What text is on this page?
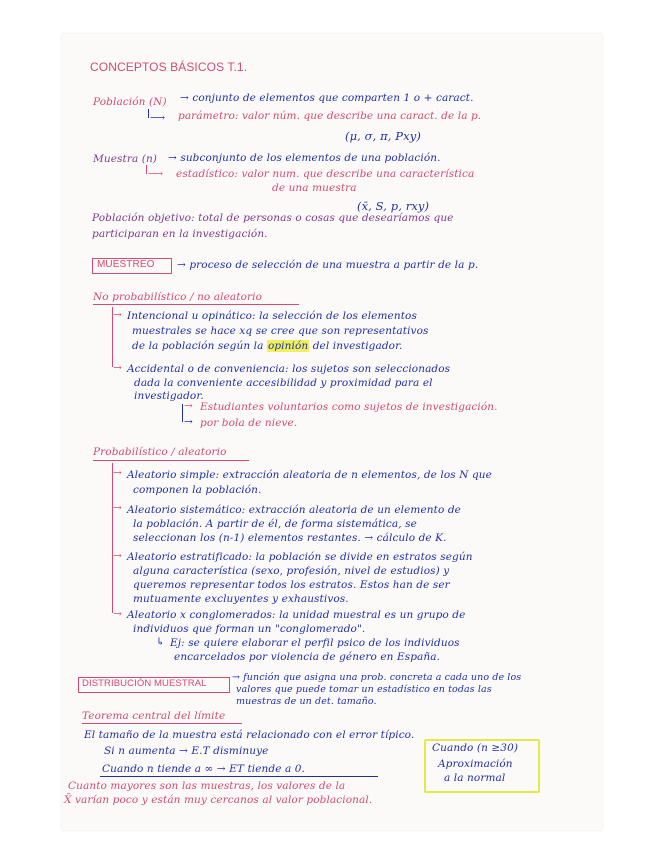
CONCEPTOS BÁSICOS T.1.
Población (N) → conjunto de elementos que comparten 1 o + caract.
⟶ parámetro: valor núm. que describe una caract. de la p.
(μ, σ, π, Pxy)
Muestra (n) → subconjunto de los elementos de una población.
⟶ estadístico: valor num. que describe una característica
de una muestra
(x̄, S, p, rxy)
Población objetivo: total de personas o cosas que desearíamos que
participaran en la investigación.
MUESTREO → proceso de selección de una muestra a partir de la p.
No probabilístico / no aleatorio
→ Intencional u opinático: la selección de los elementos
muestrales se hace xq se cree que son representativos
de la población según la opinión del investigador.
→ Accidental o de conveniencia: los sujetos son seleccionados
dada la conveniente accesibilidad y proximidad para el
investigador.
→ Estudiantes voluntarios como sujetos de investigación.
→ por bola de nieve.
Probabilístico / aleatorio
→ Aleatorio simple: extracción aleatoria de n elementos, de los N que
componen la población.
→ Aleatorio sistemático: extracción aleatoria de un elemento de
la población. A partir de él, de forma sistemática, se
seleccionan los (n-1) elementos restantes. → cálculo de K.
→ Aleatorio estratificado: la población se divide en estratos según
alguna característica (sexo, profesión, nivel de estudios) y
queremos representar todos los estratos. Estos han de ser
mutuamente excluyentes y exhaustivos.
→ Aleatorio x conglomerados: la unidad muestral es un grupo de
individuos que forman un "conglomerado".
↳ Ej: se quiere elaborar el perfil psico de los individuos
encarcelados por violencia de género en España.
DISTRIBUCIÓN MUESTRAL
→ función que asigna una prob. concreta a cada uno de los
valores que puede tomar un estadístico en todas las
muestras de un det. tamaño.
Teorema central del límite
El tamaño de la muestra está relacionado con el error típico.
Si n aumenta → E.T disminuye
Cuando n tiende a ∞ → ET tiende a 0.
Cuanto mayores son las muestras, los valores de la
X̄ varían poco y están muy cercanos al valor poblacional.
Cuando (n ≥30)
Aproximación
a la normal
